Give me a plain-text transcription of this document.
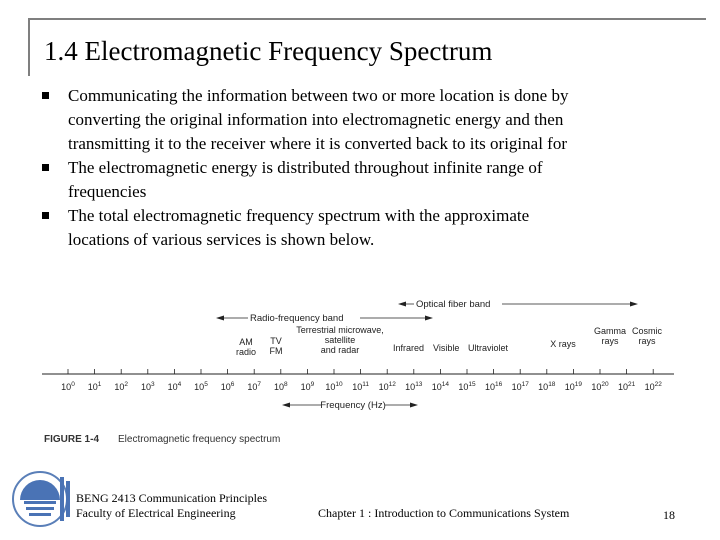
1.4 Electromagnetic Frequency Spectrum
Communicating the information between two or more location is done by
converting the original information into electromagnetic energy and then
transmitting it to the receiver where it is converted back to its original for
The electromagnetic energy is distributed throughout infinite range of
frequencies
The total electromagnetic frequency spectrum with the approximate
locations of various services is shown below.
Optical fiber band
Radio-frequency band
AM
radio
TV
FM
Terrestrial microwave,
satellite
and radar	Infrared Visible Ultraviolet	X rays
Gamma
rays
Cosmic
rays
$10^0$ $10^1$ $10^2$ $10^3$ $10^4$ $10^5$ $10^6$ $10^7$ $10^8$ $10^9$ $10^{10}$ $10^{11}$ $10^{12}$ $10^{13}$ $10^{14}$ $10^{15}$ $10^{16}$ $10^{17}$ $10^{18}$ $10^{19}$ $10^{20}$ $10^{21}$ $10^{22}$
Frequency (Hz)
FIGURE 1-4 Electromagnetic frequency spectrum
BENG 2413 Communication Principles
Faculty of Electrical Engineering	Chapter 1 : Introduction to Communications System	18
